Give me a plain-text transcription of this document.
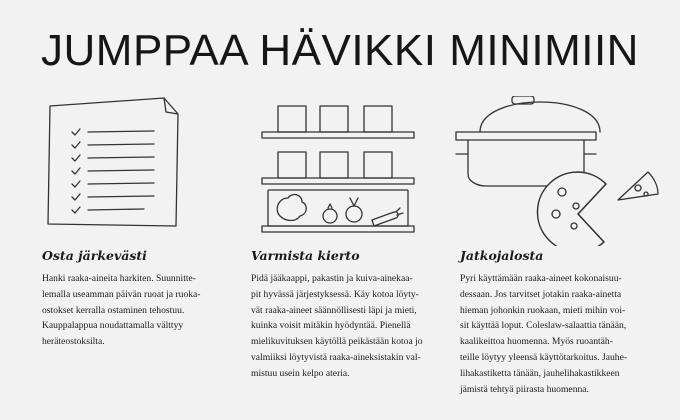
JUMPPAA HÄVIKKI MINIMIIN
Osta järkevästi

Hanki raaka-aineita harkiten. Suunnitte-
lemalla useamman päivän ruoat ja ruoka-
ostokset kerralla ostaminen tehostuu.
Kauppalappua noudattamalla välttyy
heräteostoksilta.

Varmista kierto

Pidä jääkaappi, pakastin ja kuiva-ainekaa-
pit hyvässä järjestyksessä. Käy kotoa löyty-
vät raaka-aineet säännöllisesti läpi ja mieti,
kuinka voisit mitäkin hyödyntää. Pienellä
mielikuvituksen käytöllä peikästään kotoa jo
valmiiksi löytyvistä raaka-aineksistakin val-
mistuu usein kelpo ateria.

Jatkojalosta

Pyri käyttämään raaka-aineet kokonaisuu-
dessaan. Jos tarvitset jotakin raaka-ainetta
hieman johonkin ruokaan, mieti mihin voi-
sit käyttää loput. Coleslaw-salaattia tänään,
kaalikeittoa huomenna. Myös ruoantäh-
teille löytyy yleensä käyttötarkoitus. Jauhe-
lihakastiketta tänään, jauhelihakastikkeen
jämistä tehtyä piirasta huomenna.
